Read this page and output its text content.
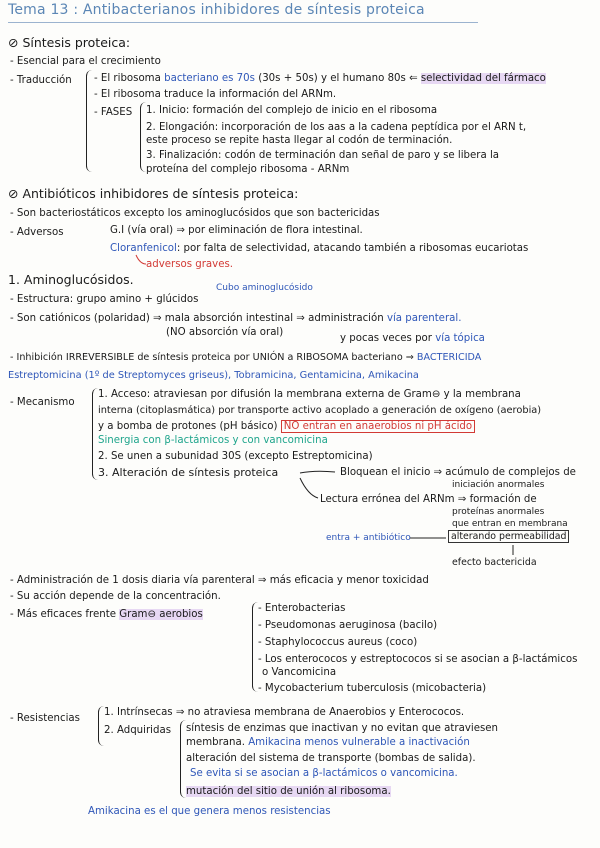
Tema 13 : Antibacterianos inhibidores de síntesis proteica
⊘ Síntesis proteica:
- Esencial para el crecimiento
- Traducción - El ribosoma bacteriano es 70s (30s + 50s) y el humano 80s ⇐ selectividad del fármaco
- El ribosoma traduce la información del ARNm.
- FASES 1. Inicio: formación del complejo de inicio en el ribosoma
2. Elongación: incorporación de los aas a la cadena peptídica por el ARN t,
este proceso se repite hasta llegar al codón de terminación.
3. Finalización: codón de terminación dan señal de paro y se libera la
proteína del complejo ribosoma - ARNm
⊘ Antibióticos inhibidores de síntesis proteica:
- Son bacteriostáticos excepto los aminoglucósidos que son bactericidas
- Adversos	G.I (vía oral) ⇒ por eliminación de flora intestinal.
Cloranfenicol: por falta de selectividad, atacando también a ribosomas eucariotas
adversos graves.
1. Aminoglucósidos.
Cubo aminoglucósido
- Estructura: grupo amino + glúcidos
- Son catiónicos (polaridad) ⇒ mala absorción intestinal ⇒ administración vía parenteral.
(NO absorción vía oral)
y pocas veces por vía tópica
- Inhibición IRREVERSIBLE de síntesis proteica por UNIÓN a RIBOSOMA bacteriano ⇒ BACTERICIDA
Estreptomicina (1º de Streptomyces griseus), Tobramicina, Gentamicina, Amikacina
- Mecanismo
1. Acceso: atraviesan por difusión la membrana externa de Gram⊖ y la membrana
interna (citoplasmática) por transporte activo acoplado a generación de oxígeno (aerobia)
y a bomba de protones (pH básico) NO entran en anaerobios ni pH ácido
Sinergia con β-lactámicos y con vancomicina
2. Se unen a subunidad 30S (excepto Estreptomicina)
3. Alteración de síntesis proteica	Bloquean el inicio ⇒ acúmulo de complejos de
iniciación anormales
Lectura errónea del ARNm ⇒ formación de
proteínas anormales
que entran en membrana
alterando permeabilidad
entra + antibiótico
efecto bactericida
- Administración de 1 dosis diaria vía parenteral ⇒ más eficacia y menor toxicidad
- Su acción depende de la concentración.
- Más eficaces frente Gram⊖ aerobios
- Enterobacterias
- Pseudomonas aeruginosa (bacilo)
- Staphylococcus aureus (coco)
- Los enterococos y estreptococos si se asocian a β-lactámicos
o Vancomicina
- Mycobacterium tuberculosis (micobacteria)
- Resistencias
1. Intrínsecas ⇒ no atraviesa membrana de Anaerobios y Enterococos.
2. Adquiridas síntesis de enzimas que inactivan y no evitan que atraviesen
membrana. Amikacina menos vulnerable a inactivación
alteración del sistema de transporte (bombas de salida).
Se evita si se asocian a β-lactámicos o vancomicina.
mutación del sitio de unión al ribosoma.
Amikacina es el que genera menos resistencias
